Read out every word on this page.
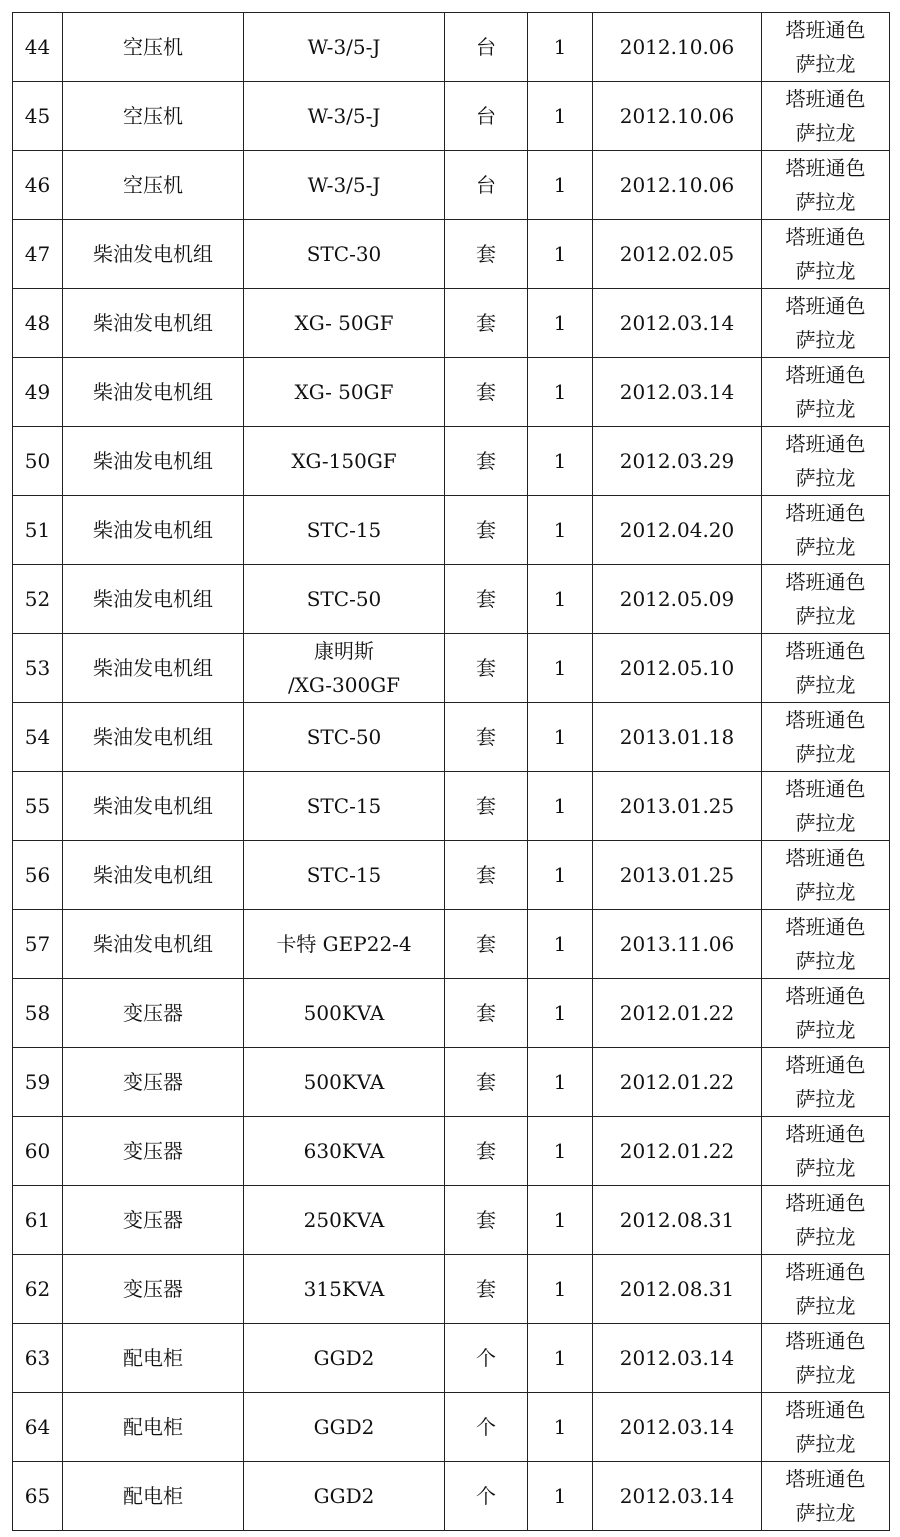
44	空压机	W-3/5-J	台	1	2012.10.06	塔班通色
萨拉龙

45	空压机	W-3/5-J	台	1	2012.10.06	塔班通色
萨拉龙

46	空压机	W-3/5-J	台	1	2012.10.06	塔班通色
萨拉龙

47	柴油发电机组	STC-30	套	1	2012.02.05	塔班通色
萨拉龙

48	柴油发电机组	XG- 50GF	套	1	2012.03.14	塔班通色
萨拉龙

49	柴油发电机组	XG- 50GF	套	1	2012.03.14	塔班通色
萨拉龙

50	柴油发电机组	XG-150GF	套	1	2012.03.29	塔班通色
萨拉龙

51	柴油发电机组	STC-15	套	1	2012.04.20	塔班通色
萨拉龙

52	柴油发电机组	STC-50	套	1	2012.05.09	塔班通色
萨拉龙

53	柴油发电机组	康明斯
/XG-300GF	套	1	2012.05.10	塔班通色
萨拉龙

54	柴油发电机组	STC-50	套	1	2013.01.18	塔班通色
萨拉龙

55	柴油发电机组	STC-15	套	1	2013.01.25	塔班通色
萨拉龙

56	柴油发电机组	STC-15	套	1	2013.01.25	塔班通色
萨拉龙

57	柴油发电机组	卡特 GEP22-4	套	1	2013.11.06	塔班通色
萨拉龙

58	变压器	500KVA	套	1	2012.01.22	塔班通色
萨拉龙

59	变压器	500KVA	套	1	2012.01.22	塔班通色
萨拉龙

60	变压器	630KVA	套	1	2012.01.22	塔班通色
萨拉龙

61	变压器	250KVA	套	1	2012.08.31	塔班通色
萨拉龙

62	变压器	315KVA	套	1	2012.08.31	塔班通色
萨拉龙

63	配电柜	GGD2	个	1	2012.03.14	塔班通色
萨拉龙

64	配电柜	GGD2	个	1	2012.03.14	塔班通色
萨拉龙

65	配电柜	GGD2	个	1	2012.03.14	塔班通色
萨拉龙
